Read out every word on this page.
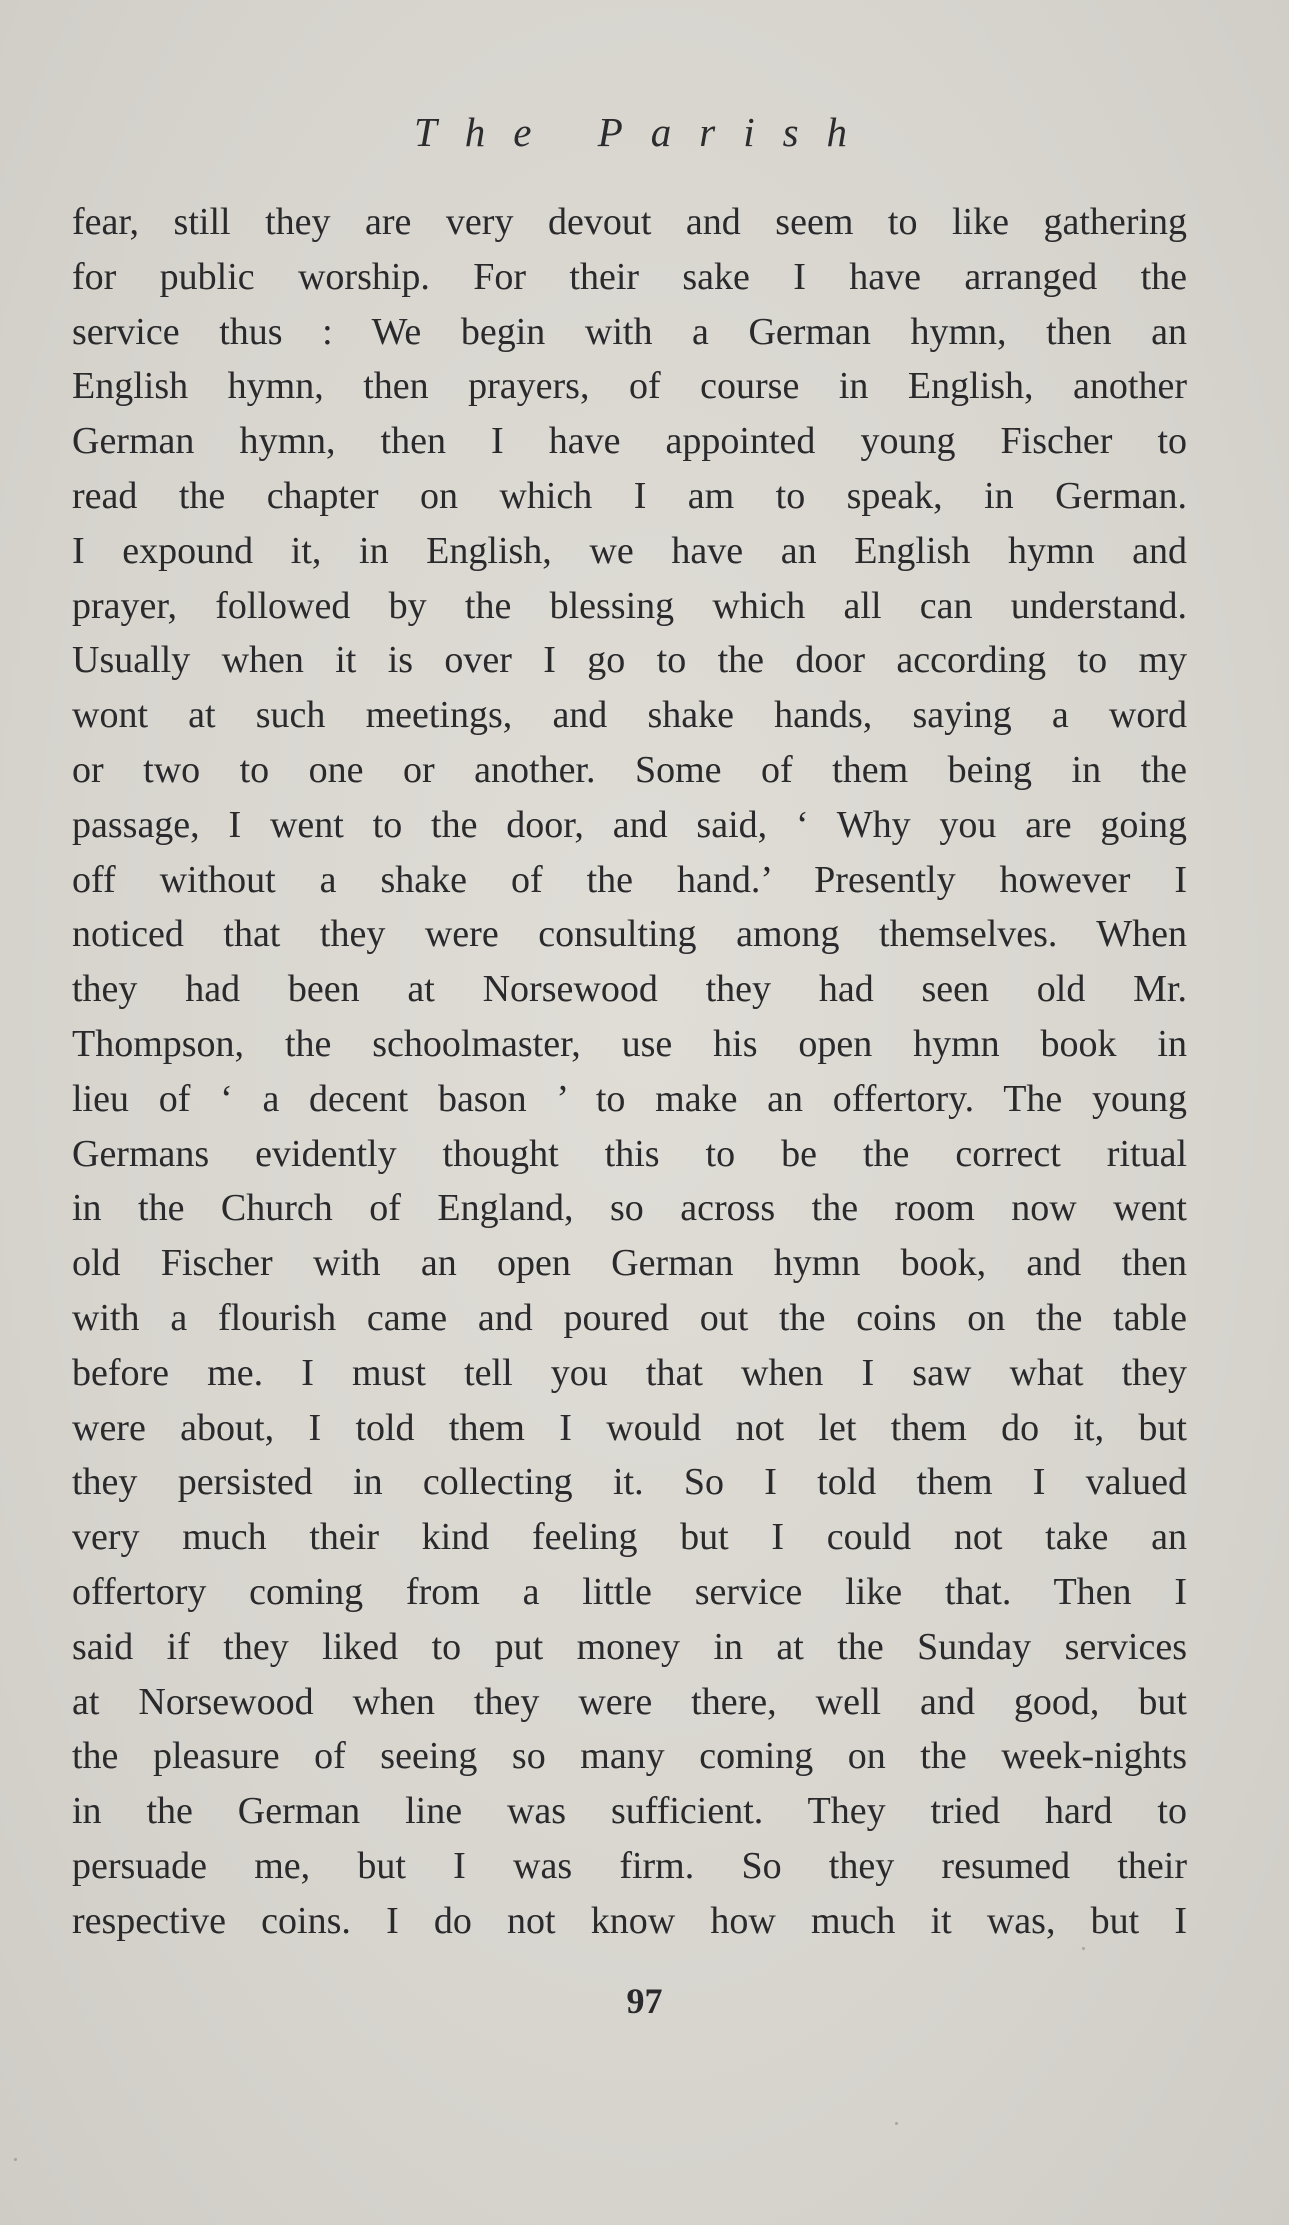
The Parish
fear, still they are very devout and seem to like gathering
for public worship. For their sake I have arranged the
service thus : We begin with a German hymn, then an
English hymn, then prayers, of course in English, another
German hymn, then I have appointed young Fischer to
read the chapter on which I am to speak, in German.
I expound it, in English, we have an English hymn and
prayer, followed by the blessing which all can understand.
Usually when it is over I go to the door according to my
wont at such meetings, and shake hands, saying a word
or two to one or another. Some of them being in the
passage, I went to the door, and said, ‘ Why you are going
off without a shake of the hand.’ Presently however I
noticed that they were consulting among themselves. When
they had been at Norsewood they had seen old Mr.
Thompson, the schoolmaster, use his open hymn book in
lieu of ‘ a decent bason ’ to make an offertory. The young
Germans evidently thought this to be the correct ritual
in the Church of England, so across the room now went
old Fischer with an open German hymn book, and then
with a flourish came and poured out the coins on the table
before me. I must tell you that when I saw what they
were about, I told them I would not let them do it, but
they persisted in collecting it. So I told them I valued
very much their kind feeling but I could not take an
offertory coming from a little service like that. Then I
said if they liked to put money in at the Sunday services
at Norsewood when they were there, well and good, but
the pleasure of seeing so many coming on the week-nights
in the German line was sufficient. They tried hard to
persuade me, but I was firm. So they resumed their
respective coins. I do not know how much it was, but I
97
